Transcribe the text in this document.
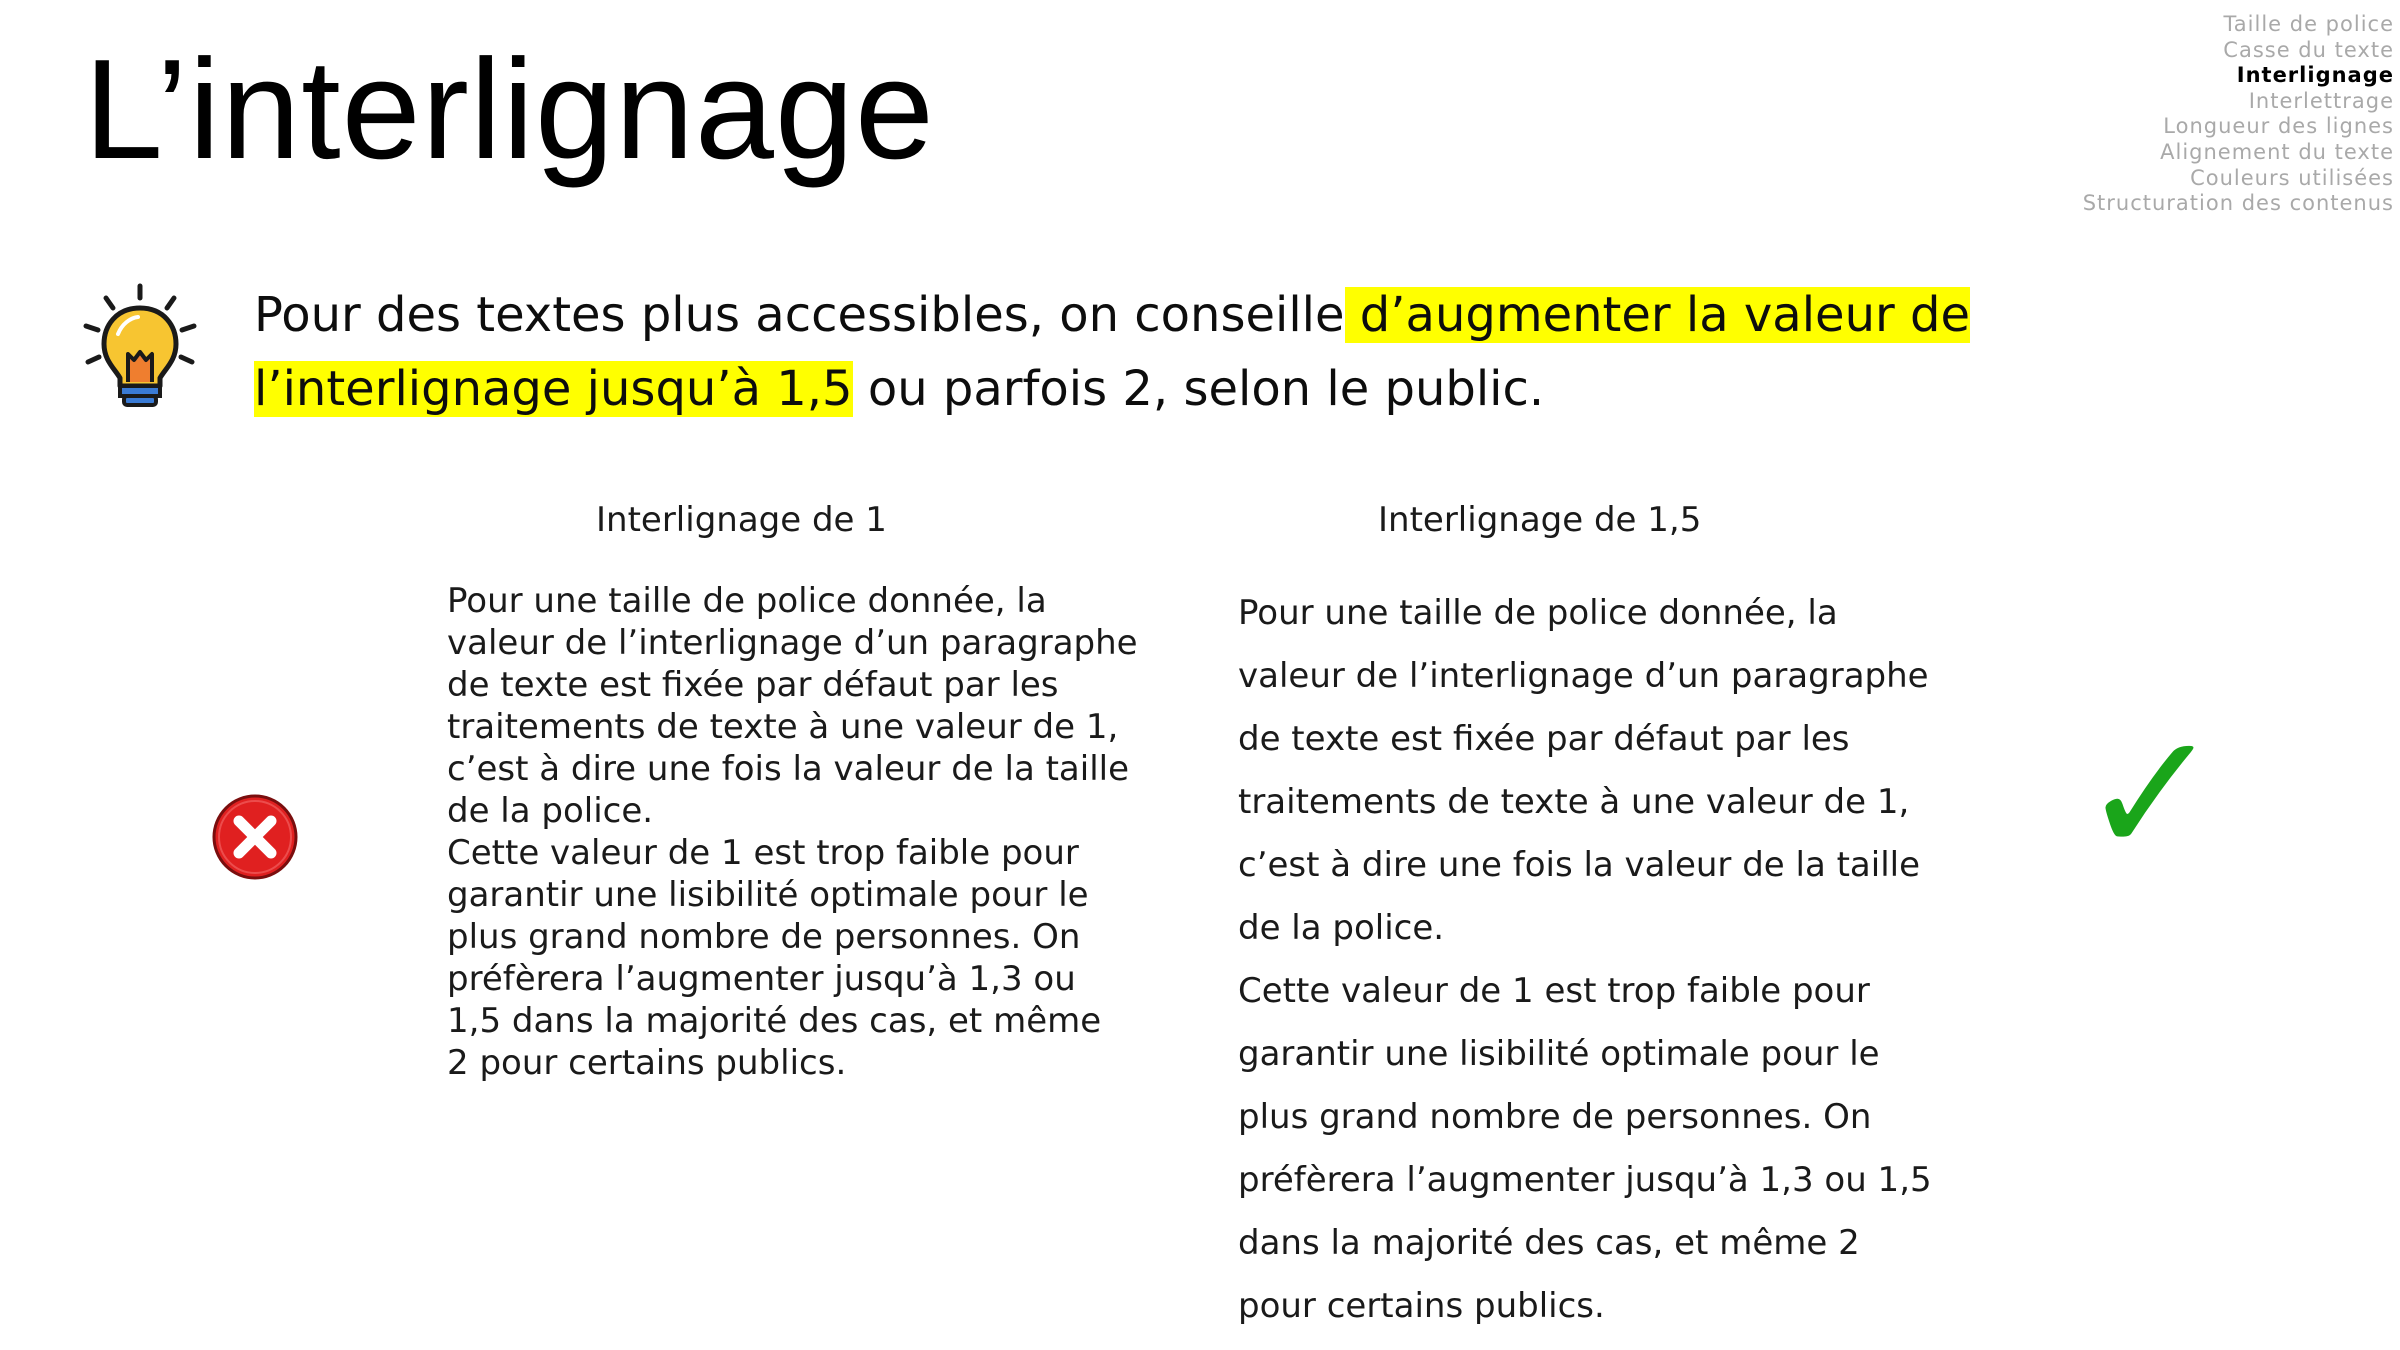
L’interlignage
Taille de police
Casse du texte
Interlignage
Interlettrage
Longueur des lignes
Alignement du texte
Couleurs utilisées
Structuration des contenus

Pour des textes plus accessibles, on conseille d’augmenter la valeur de l’interlignage jusqu’à 1,5 ou parfois 2, selon le public.

Interlignage de 1	Interlignage de 1,5
Pour une taille de police donnée, la
valeur de l’interlignage d’un paragraphe
de texte est fixée par défaut par les
traitements de texte à une valeur de 1,
c’est à dire une fois la valeur de la taille
de la police.
Cette valeur de 1 est trop faible pour
garantir une lisibilité optimale pour le
plus grand nombre de personnes. On
préfèrera l’augmenter jusqu’à 1,3 ou
1,5 dans la majorité des cas, et même
2 pour certains publics.
Pour une taille de police donnée, la
valeur de l’interlignage d’un paragraphe
de texte est fixée par défaut par les
traitements de texte à une valeur de 1,
c’est à dire une fois la valeur de la taille
de la police.
Cette valeur de 1 est trop faible pour
garantir une lisibilité optimale pour le
plus grand nombre de personnes. On
préfèrera l’augmenter jusqu’à 1,3 ou 1,5
dans la majorité des cas, et même 2
pour certains publics.
✓
